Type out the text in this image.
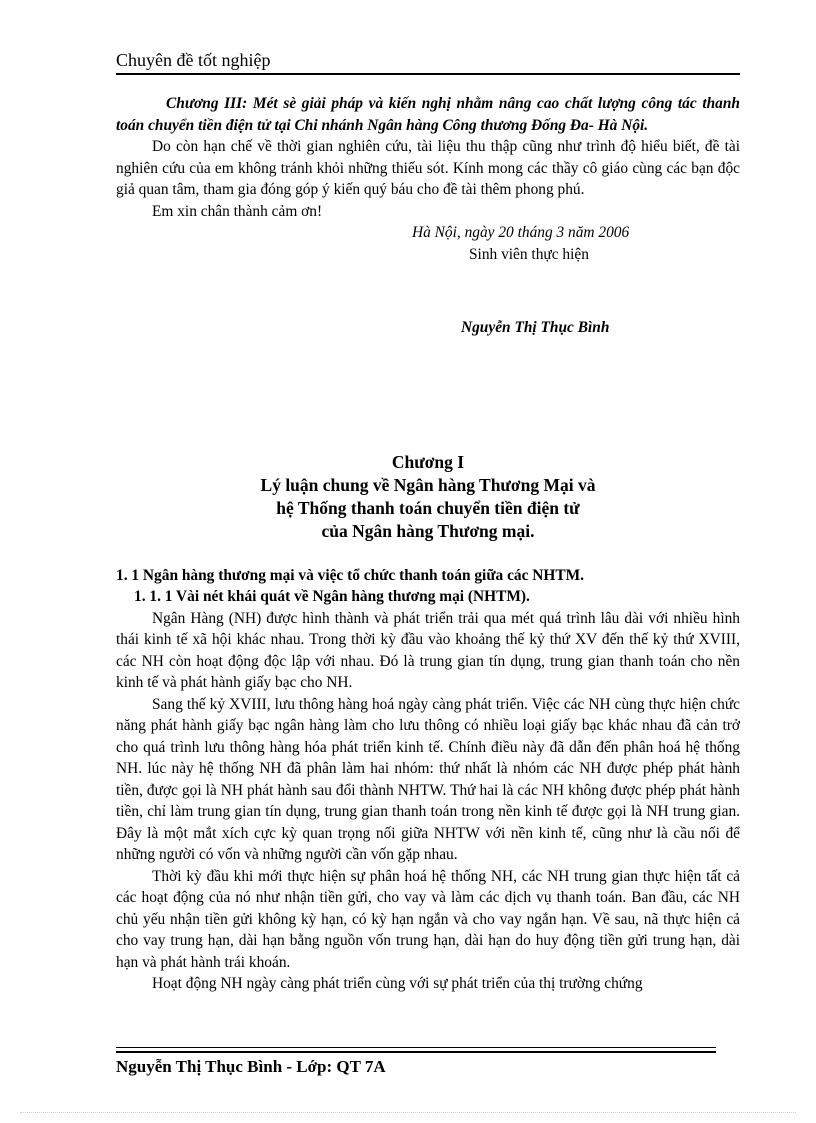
Chuyên đề tốt nghiệp

Chương III: Mét sè giải pháp và kiến nghị nhằm nâng cao chất lượng công tác thanh toán chuyển tiền điện tử tại Chi nhánh Ngân hàng Công thương Đống Đa- Hà Nội.

Do còn hạn chế về thời gian nghiên cứu, tài liệu thu thập cũng như trình độ hiểu biết, đề tài nghiên cứu của em không tránh khỏi những thiếu sót. Kính mong các thầy cô giáo cùng các bạn độc giả quan tâm, tham gia đóng góp ý kiến quý báu cho đề tài thêm phong phú.

Em xin chân thành cảm ơn!

Hà Nội, ngày 20 tháng 3 năm 2006

Sinh viên thực hiện

Nguyễn Thị Thục Bình

Chương I
Lý luận chung về Ngân hàng Thương Mại và
hệ Thống thanh toán chuyển tiền điện tử
của Ngân hàng Thương mại.

1. 1 Ngân hàng thương mại và việc tổ chức thanh toán giữa các NHTM.

1. 1. 1 Vài nét khái quát về Ngân hàng thương mại (NHTM).

Ngân Hàng (NH) được hình thành và phát triển trải qua mét quá trình lâu dài với nhiều hình thái kinh tế xã hội khác nhau. Trong thời kỳ đầu vào khoảng thế kỷ thứ XV đến thế kỷ thứ XVIII, các NH còn hoạt động độc lập với nhau. Đó là trung gian tín dụng, trung gian thanh toán cho nền kinh tế và phát hành giấy bạc cho NH.

Sang thế kỷ XVIII, lưu thông hàng hoá ngày càng phát triển. Việc các NH cùng thực hiện chức năng phát hành giấy bạc ngân hàng làm cho lưu thông có nhiều loại giấy bạc khác nhau đã cản trở cho quá trình lưu thông hàng hóa phát triển kinh tế. Chính điều này đã dẫn đến phân hoá hệ thống NH. lúc này hệ thống NH đã phân làm hai nhóm: thứ nhất là nhóm các NH được phép phát hành tiền, được gọi là NH phát hành sau đổi thành NHTW. Thứ hai là các NH không được phép phát hành tiền, chỉ làm trung gian tín dụng, trung gian thanh toán trong nền kinh tế được gọi là NH trung gian. Đây là một mắt xích cực kỳ quan trọng nối giữa NHTW với nền kinh tế, cũng như là cầu nối để những người có vốn và những người cần vốn gặp nhau.

Thời kỳ đầu khi mới thực hiện sự phân hoá hệ thống NH, các NH trung gian thực hiện tất cả các hoạt động của nó như nhận tiền gửi, cho vay và làm các dịch vụ thanh toán. Ban đầu, các NH chủ yếu nhận tiền gửi không kỳ hạn, có kỳ hạn ngắn và cho vay ngắn hạn. Về sau, nã thực hiện cả cho vay trung hạn, dài hạn bằng nguồn vốn trung hạn, dài hạn do huy động tiền gửi trung hạn, dài hạn và phát hành trái khoán.

Hoạt động NH ngày càng phát triển cùng với sự phát triển của thị trường chứng

Nguyễn Thị Thục Bình - Lớp: QT 7A
